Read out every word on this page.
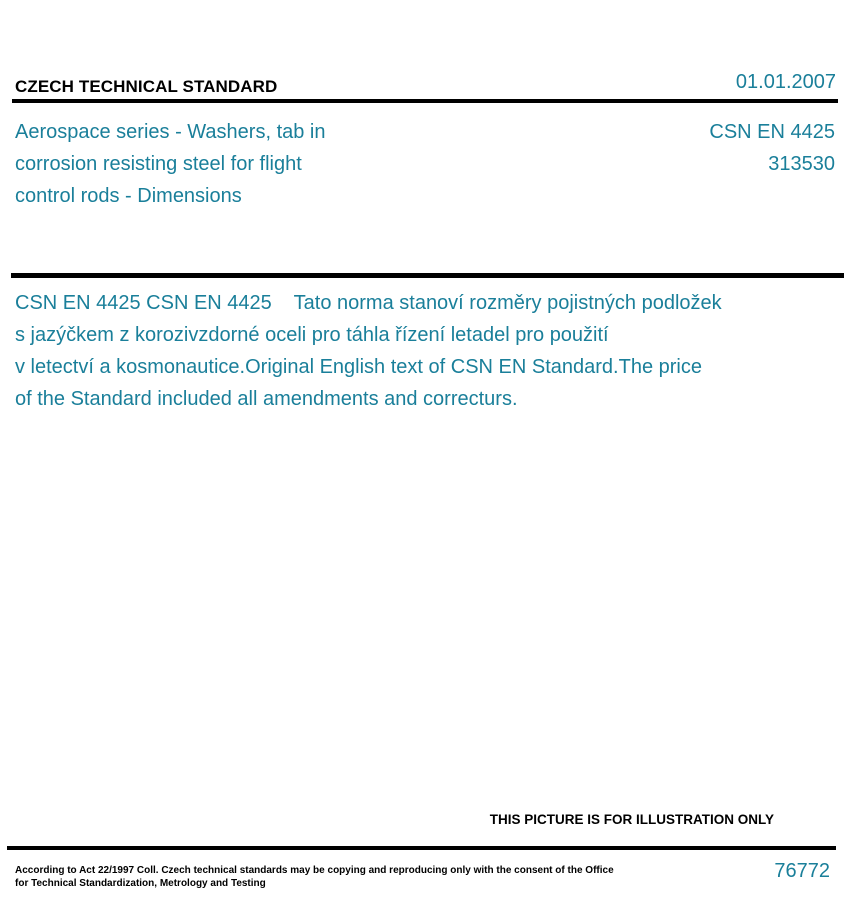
CZECH TECHNICAL STANDARD	01.01.2007
Aerospace series - Washers, tab in
corrosion resisting steel for flight
control rods - Dimensions
CSN EN 4425
313530
CSN EN 4425 CSN EN 4425    Tato norma stanoví rozměry pojistných podložek
s jazýčkem z korozivzdorné oceli pro táhla řízení letadel pro použití
v letectví a kosmonautice.Original English text of CSN EN Standard.The price
of the Standard included all amendments and correcturs.
THIS PICTURE IS FOR ILLUSTRATION ONLY
According to Act 22/1997 Coll. Czech technical standards may be copying and reproducing only with the consent of the Office
for Technical Standardization, Metrology and Testing
76772
